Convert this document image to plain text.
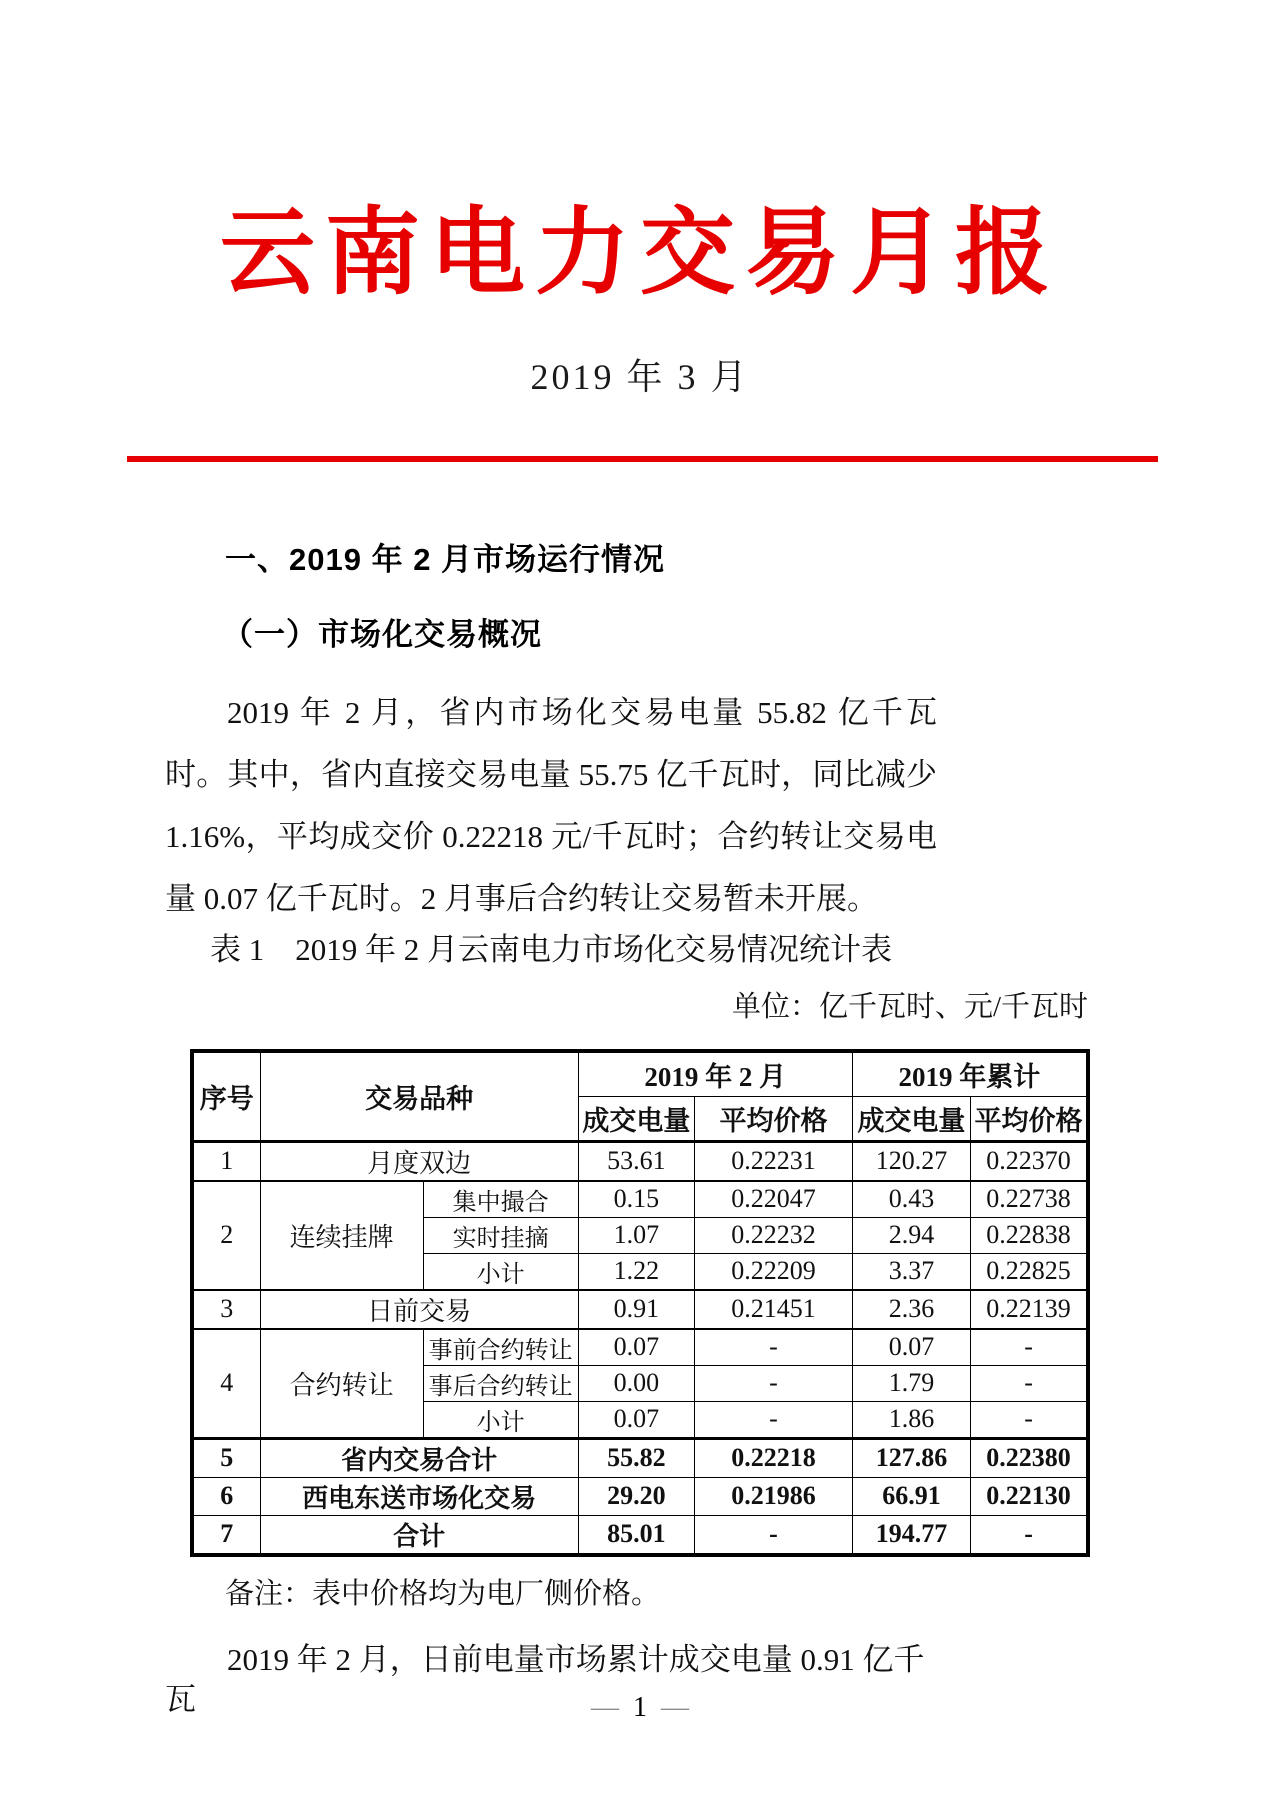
云南电力交易月报
2019 年 3 月
一、2019 年 2 月市场运行情况
（一）市场化交易概况
2019 年 2 月，省内市场化交易电量 55.82 亿千瓦时。其中，省内直接交易电量 55.75 亿千瓦时，同比减少 1.16%，平均成交价 0.22218 元/千瓦时；合约转让交易电量 0.07 亿千瓦时。2 月事后合约转让交易暂未开展。
表 1　2019 年 2 月云南电力市场化交易情况统计表
单位：亿千瓦时、元/千瓦时
序号	交易品种		2019 年 2 月		2019 年累计	
			成交电量	平均价格	成交电量	平均价格
1	月度双边		53.61	0.22231	120.27	0.22370
2	连续挂牌	集中撮合	0.15	0.22047	0.43	0.22738
		实时挂摘	1.07	0.22232	2.94	0.22838
		小计	1.22	0.22209	3.37	0.22825
3	日前交易		0.91	0.21451	2.36	0.22139
4	合约转让	事前合约转让	0.07	-	0.07	-
		事后合约转让	0.00	-	1.79	-
		小计	0.07	-	1.86	-
5	省内交易合计		55.82	0.22218	127.86	0.22380
6	西电东送市场化交易		29.20	0.21986	66.91	0.22130
7	合计		85.01	-	194.77	-
备注：表中价格均为电厂侧价格。
2019 年 2 月，日前电量市场累计成交电量 0.91 亿千瓦	— 1 —
